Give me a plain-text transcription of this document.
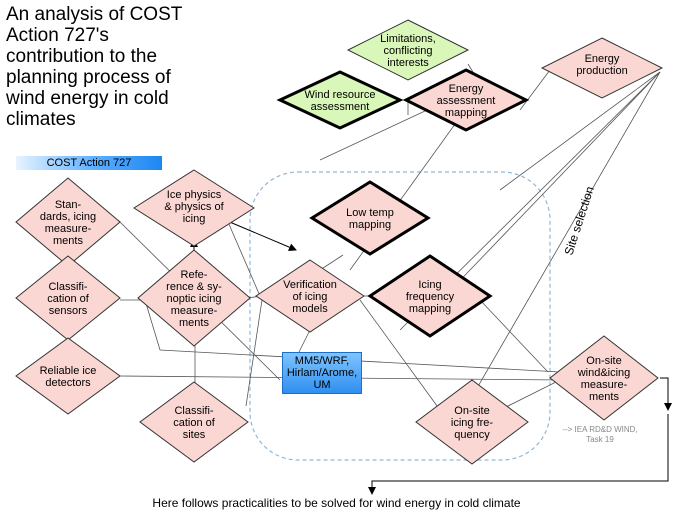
An analysis of COST Action 727's contribution to the planning process of wind energy in cold climates
COST Action 727
Limitations, conflicting interests	Energy production
Wind resource assessment
Energy assessment mapping
Stan-dards, icing measure-ments
Ice physics & physics of icing	Low temp mapping
Classifi-cation of sensors
Refe-rence & sy-noptic icing measure-ments
Verification of icing models
Icing frequency mapping
Reliable ice detectors
Classifi-cation of sites
On-site icing fre-quency
On-site wind&icing measure-ments
Site selection
MM5/WRF,
Hirlam/Arome,
UM
--> IEA RD&D WIND,
Task 19
Here follows practicalities to be solved for wind energy in cold climate
